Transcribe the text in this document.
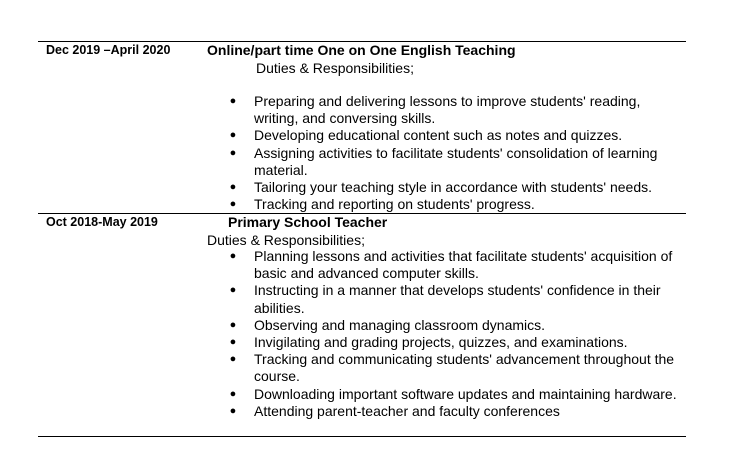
Dec 2019 –April 2020	Online/part time One on One English Teaching
Duties & Responsibilities;
● Preparing and delivering lessons to improve students' reading, writing, and conversing skills.
● Developing educational content such as notes and quizzes.
● Assigning activities to facilitate students' consolidation of learning material.
● Tailoring your teaching style in accordance with students' needs.
● Tracking and reporting on students' progress.
Oct 2018-May 2019	Primary School Teacher
Duties & Responsibilities;
● Planning lessons and activities that facilitate students' acquisition of basic and advanced computer skills.
● Instructing in a manner that develops students' confidence in their abilities.
● Observing and managing classroom dynamics.
● Invigilating and grading projects, quizzes, and examinations.
● Tracking and communicating students' advancement throughout the course.
● Downloading important software updates and maintaining hardware.
● Attending parent-teacher and faculty conferences
